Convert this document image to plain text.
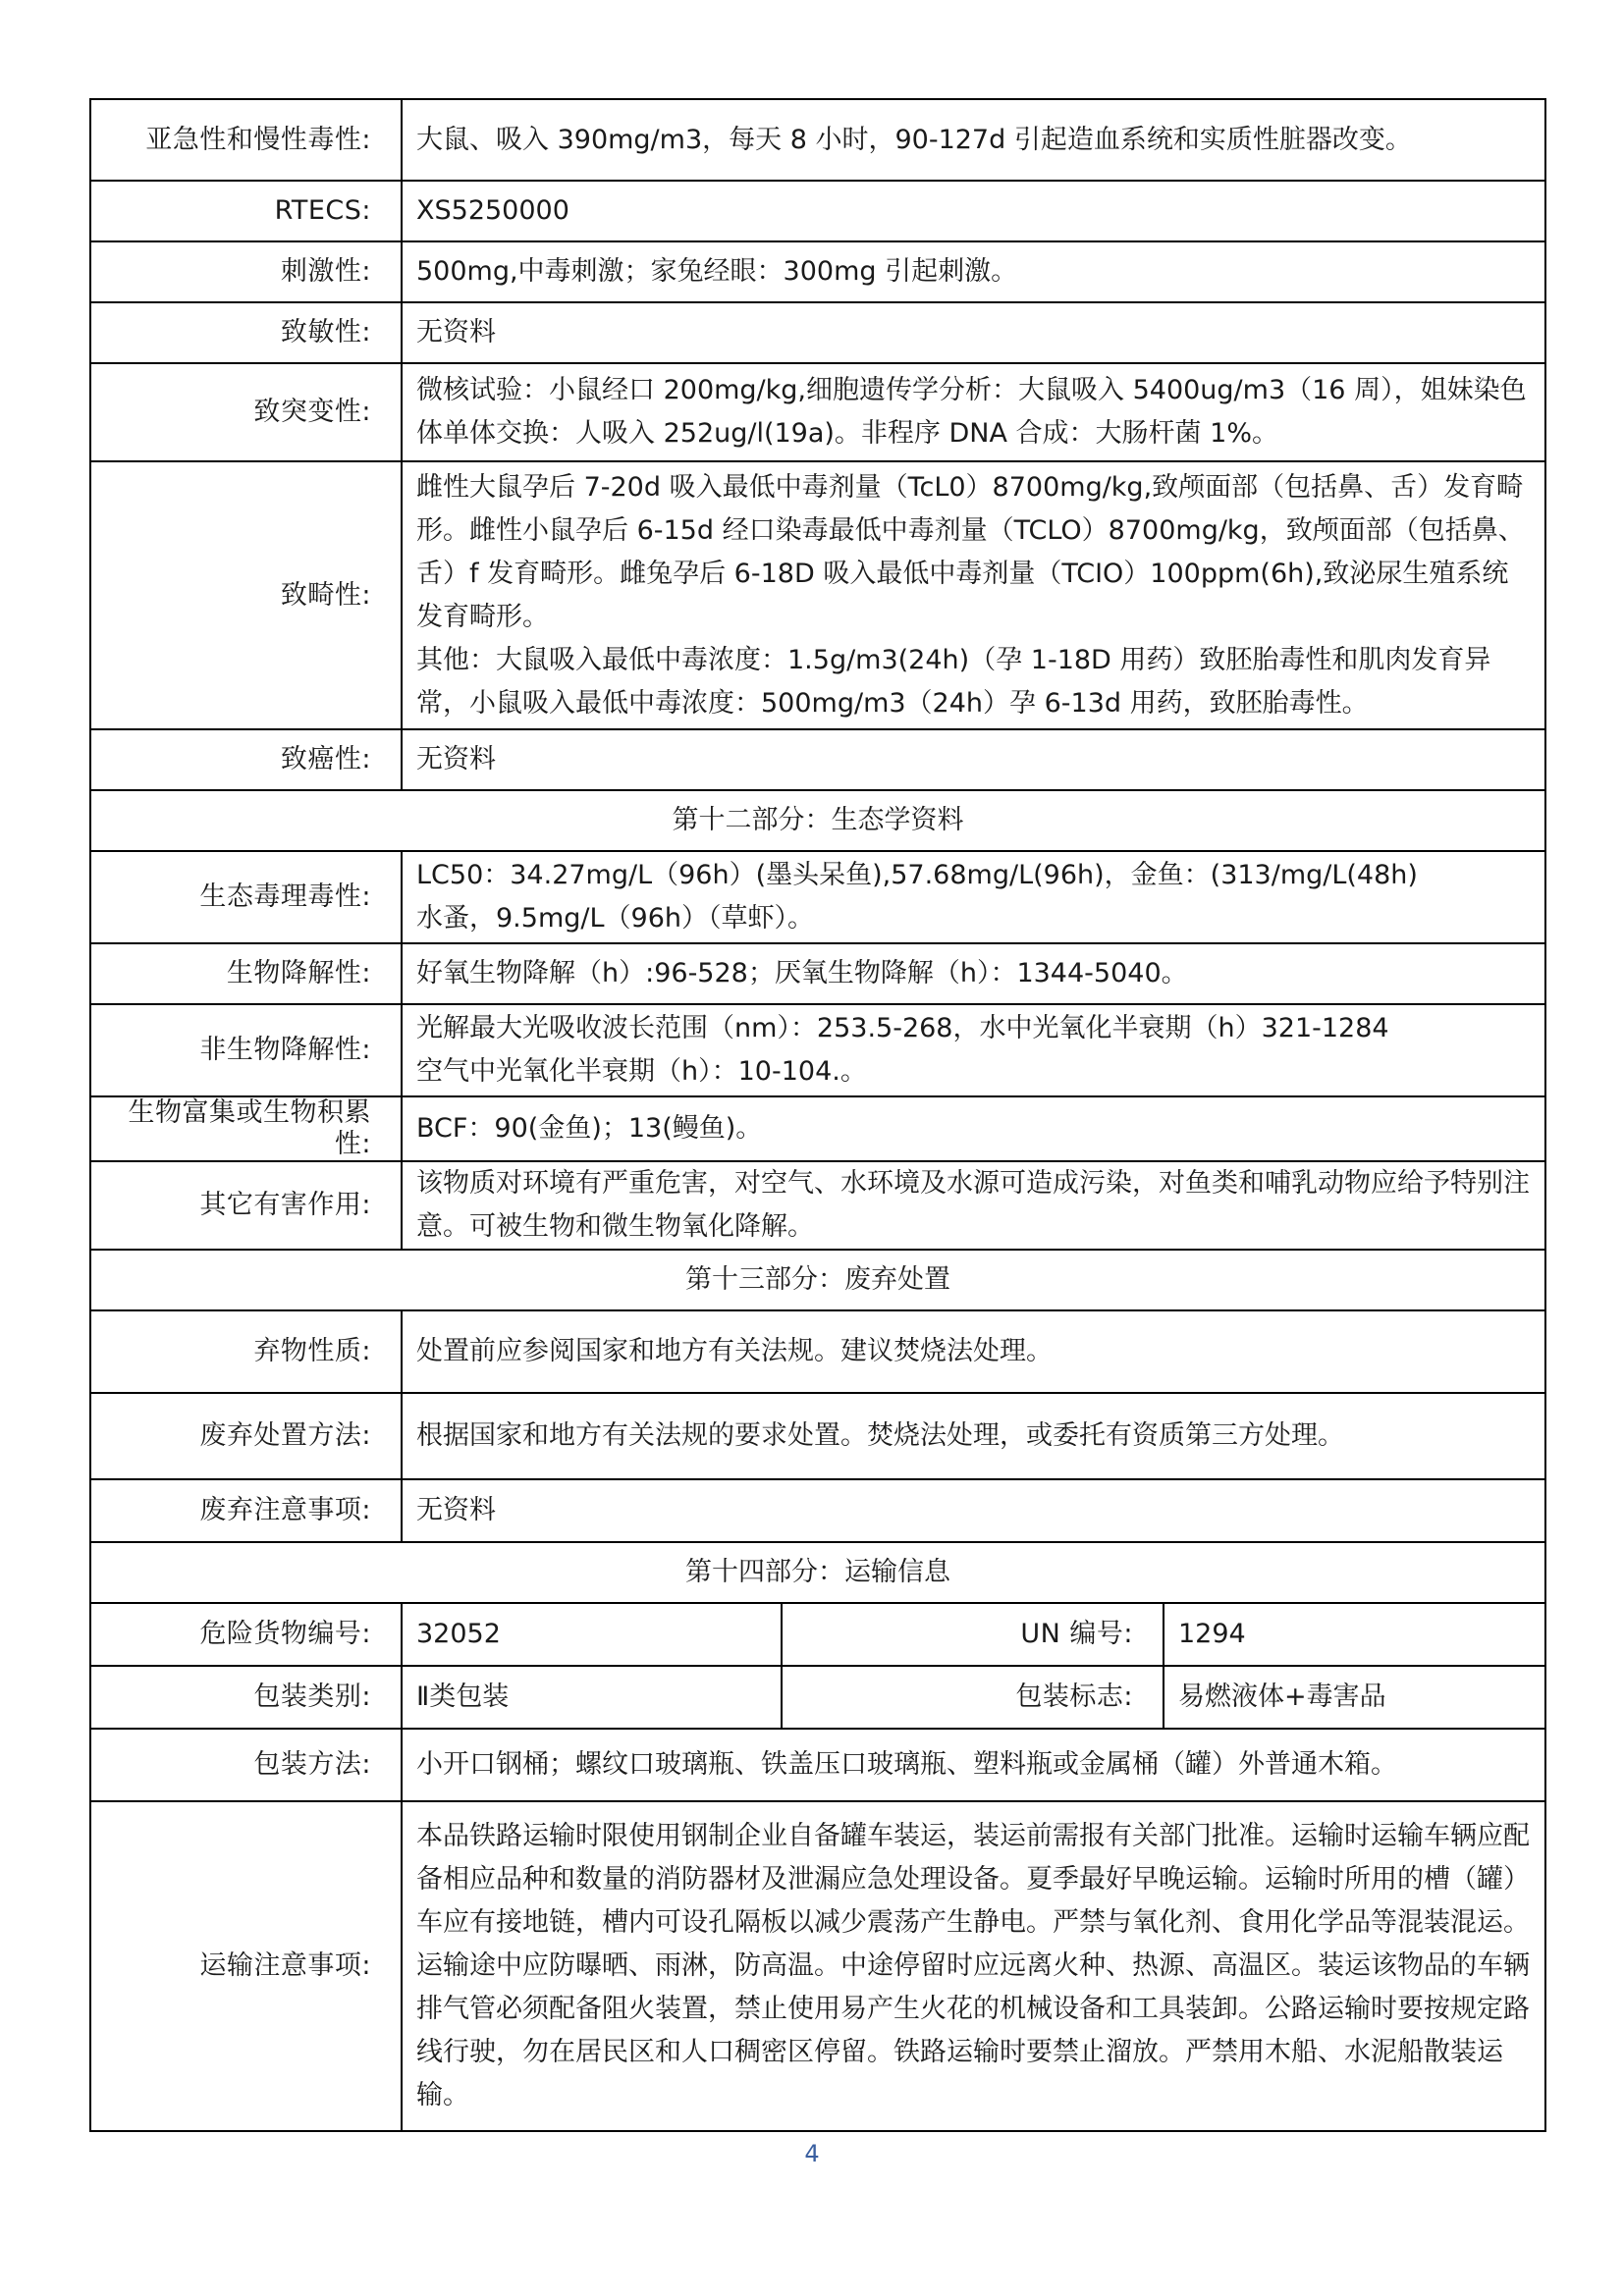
亚急性和慢性毒性:	大鼠、吸入 390mg/m3，每天 8 小时，90-127d 引起造血系统和实质性脏器改变。		
RTECS:	XS5250000		
刺激性:	500mg,中毒刺激；家兔经眼：300mg 引起刺激。		
致敏性:	无资料		
致突变性:	微核试验：小鼠经口 200mg/kg,细胞遗传学分析：大鼠吸入 5400ug/m3（16 周），姐妹染色体单体交换：人吸入 252ug/l(19a)。非程序 DNA 合成：大肠杆菌 1%。		
致畸性:	雌性大鼠孕后 7-20d 吸入最低中毒剂量（TcL0）8700mg/kg,致颅面部（包括鼻、舌）发育畸形。雌性小鼠孕后 6-15d 经口染毒最低中毒剂量（TCLO）8700mg/kg，致颅面部（包括鼻、舌）f 发育畸形。雌兔孕后 6-18D 吸入最低中毒剂量（TCIO）100ppm(6h),致泌尿生殖系统发育畸形。
其他：大鼠吸入最低中毒浓度：1.5g/m3(24h)（孕 1-18D 用药）致胚胎毒性和肌肉发育异常，小鼠吸入最低中毒浓度：500mg/m3（24h）孕 6-13d 用药，致胚胎毒性。		

致癌性:	无资料		
第十二部分：生态学资料			
生态毒理毒性:	LC50：34.27mg/L（96h）(墨头呆鱼),57.68mg/L(96h)，金鱼：(313/mg/L(48h)
水蚤，9.5mg/L（96h）（草虾）。		

生物降解性:	好氧生物降解（h）:96-528；厌氧生物降解（h）：1344-5040。		
非生物降解性:	光解最大光吸收波长范围（nm）：253.5-268，水中光氧化半衰期（h）321-1284
空气中光氧化半衰期（h）：10-104.。		

生物富集或生物积累性:	BCF：90(金鱼)；13(鳗鱼)。		
其它有害作用:	该物质对环境有严重危害，对空气、水环境及水源可造成污染，对鱼类和哺乳动物应给予特别注意。可被生物和微生物氧化降解。		
第十三部分：废弃处置			
弃物性质:	处置前应参阅国家和地方有关法规。建议焚烧法处理。		
废弃处置方法:	根据国家和地方有关法规的要求处置。焚烧法处理，或委托有资质第三方处理。		
废弃注意事项:	无资料		
第十四部分：运输信息			
危险货物编号:	32052	UN 编号:	1294
包装类别:	Ⅱ类包装	包装标志:	易燃液体+毒害品
包装方法:	小开口钢桶；螺纹口玻璃瓶、铁盖压口玻璃瓶、塑料瓶或金属桶（罐）外普通木箱。		
运输注意事项:	本品铁路运输时限使用钢制企业自备罐车装运，装运前需报有关部门批准。运输时运输车辆应配备相应品种和数量的消防器材及泄漏应急处理设备。夏季最好早晚运输。运输时所用的槽（罐）车应有接地链，槽内可设孔隔板以减少震荡产生静电。严禁与氧化剂、食用化学品等混装混运。运输途中应防曝晒、雨淋，防高温。中途停留时应远离火种、热源、高温区。装运该物品的车辆排气管必须配备阻火装置，禁止使用易产生火花的机械设备和工具装卸。公路运输时要按规定路线行驶，勿在居民区和人口稠密区停留。铁路运输时要禁止溜放。严禁用木船、水泥船散装运输。		
4
